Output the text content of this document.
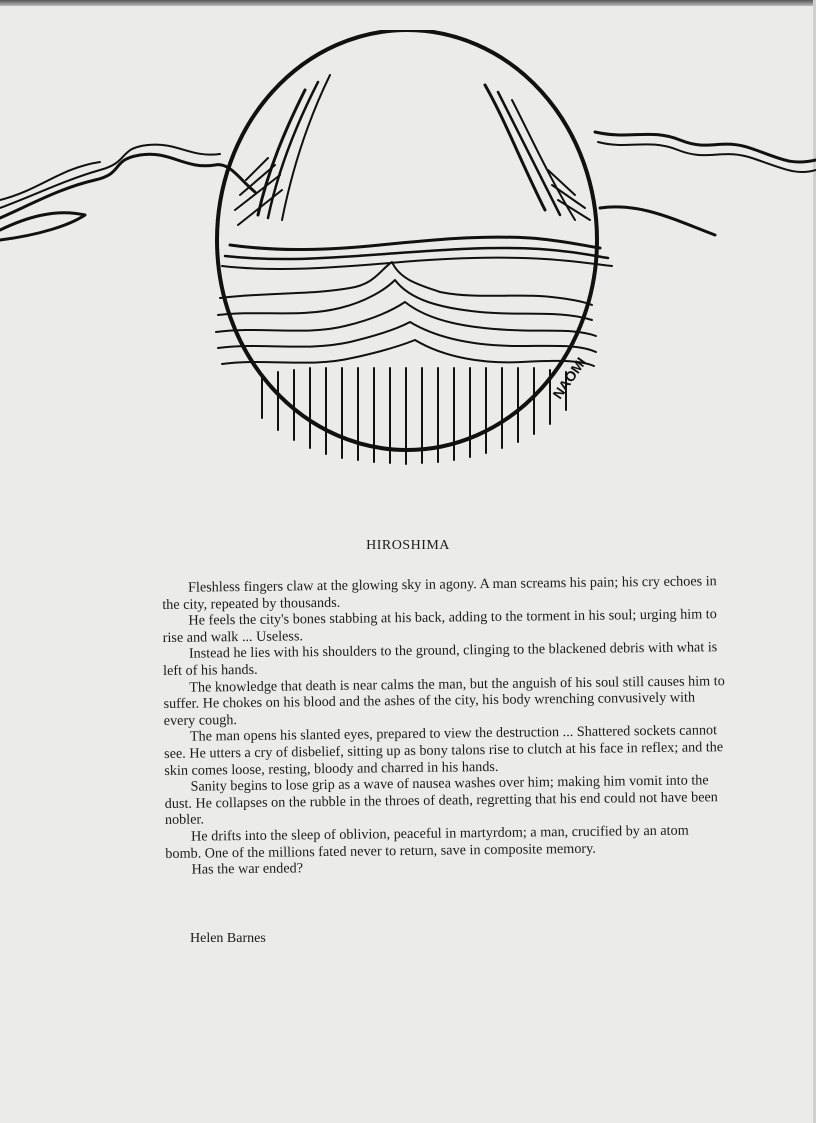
NAOMI
HIROSHIMA

Fleshless fingers claw at the glowing sky in agony. A man screams his pain; his cry echoes in the city, repeated by thousands.

He feels the city's bones stabbing at his back, adding to the torment in his soul; urging him to rise and walk ... Useless.

Instead he lies with his shoulders to the ground, clinging to the blackened debris with what is left of his hands.

The knowledge that death is near calms the man, but the anguish of his soul still causes him to suffer. He chokes on his blood and the ashes of the city, his body wrenching convusively with every cough.

The man opens his slanted eyes, prepared to view the destruction ... Shattered sockets cannot see. He utters a cry of disbelief, sitting up as bony talons rise to clutch at his face in reflex; and the skin comes loose, resting, bloody and charred in his hands.

Sanity begins to lose grip as a wave of nausea washes over him; making him vomit into the dust. He collapses on the rubble in the throes of death, regretting that his end could not have been nobler.

He drifts into the sleep of oblivion, peaceful in martyrdom; a man, crucified by an atom bomb. One of the millions fated never to return, save in composite memory.

Has the war ended?

Helen Barnes
